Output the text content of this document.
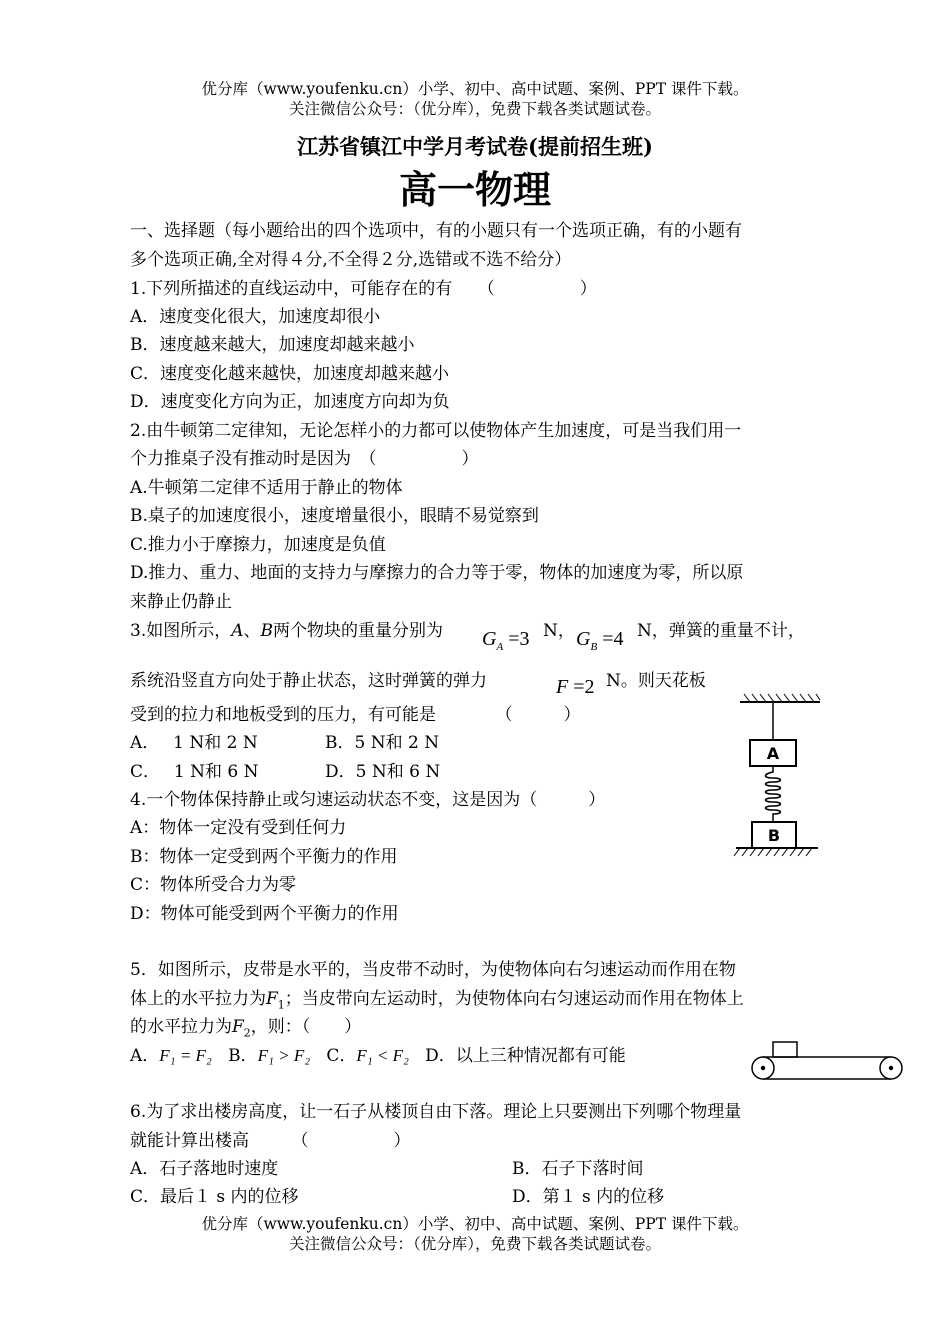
优分库（www.youfenku.cn）小学、初中、高中试题、案例、PPT 课件下载。
关注微信公众号：（优分库），免费下载各类试题试卷。
江苏省镇江中学月考试卷(提前招生班)
高一物理
一、选择题（每小题给出的四个选项中，有的小题只有一个选项正确，有的小题有
多个选项正确,全对得４分,不全得２分,选错或不选不给分）
1.下列所描述的直线运动中，可能存在的有　　（　　　　　）
A．速度变化很大，加速度却很小
B．速度越来越大，加速度却越来越小
C．速度变化越来越快，加速度却越来越小
D．速度变化方向为正，加速度方向却为负
2.由牛顿第二定律知，无论怎样小的力都可以使物体产生加速度，可是当我们用一
个力推桌子没有推动时是因为　（　　　　　）
A.牛顿第二定律不适用于静止的物体
B.桌子的加速度很小，速度增量很小，眼睛不易觉察到
C.推力小于摩擦力，加速度是负值
D.推力、重力、地面的支持力与摩擦力的合力等于零，物体的加速度为零，所以原
来静止仍静止
3.如图所示，A、B两个物块的重量分别为 $G_A =3$ N， $G_B =4$ N，弹簧的重量不计，
系统沿竖直方向处于静止状态，这时弹簧的弹力	F =2 N。则天花板
受到的拉力和地板受到的压力，有可能是　　　　（　　　）
A．　 1 N和 2 N	B．5 N和 2 N
C．　 1 N和 6 N	D．5 N和 6 N
A
B
4.一个物体保持静止或匀速运动状态不变，这是因为（　　　）
A：物体一定没有受到任何力
B：物体一定受到两个平衡力的作用
C：物体所受合力为零
D：物体可能受到两个平衡力的作用
5．如图所示，皮带是水平的，当皮带不动时，为使物体向右匀速运动而作用在物
体上的水平拉力为$F_1$；当皮带向左运动时，为使物体向右匀速运动而作用在物体上
的水平拉力为$F_2$，则：（　　）
A．F₁ = F₂ B．F₁ > F₂ C．F₁ < F₂ D．以上三种情况都有可能
6.为了求出楼房高度，让一石子从楼顶自由下落。理论上只要测出下列哪个物理量
就能计算出楼高　　　（　　　　　）
A．石子落地时速度	B．石子下落时间
C．最后１ s 内的位移	D．第１ s 内的位移
优分库（www.youfenku.cn）小学、初中、高中试题、案例、PPT 课件下载。
关注微信公众号：（优分库），免费下载各类试题试卷。
